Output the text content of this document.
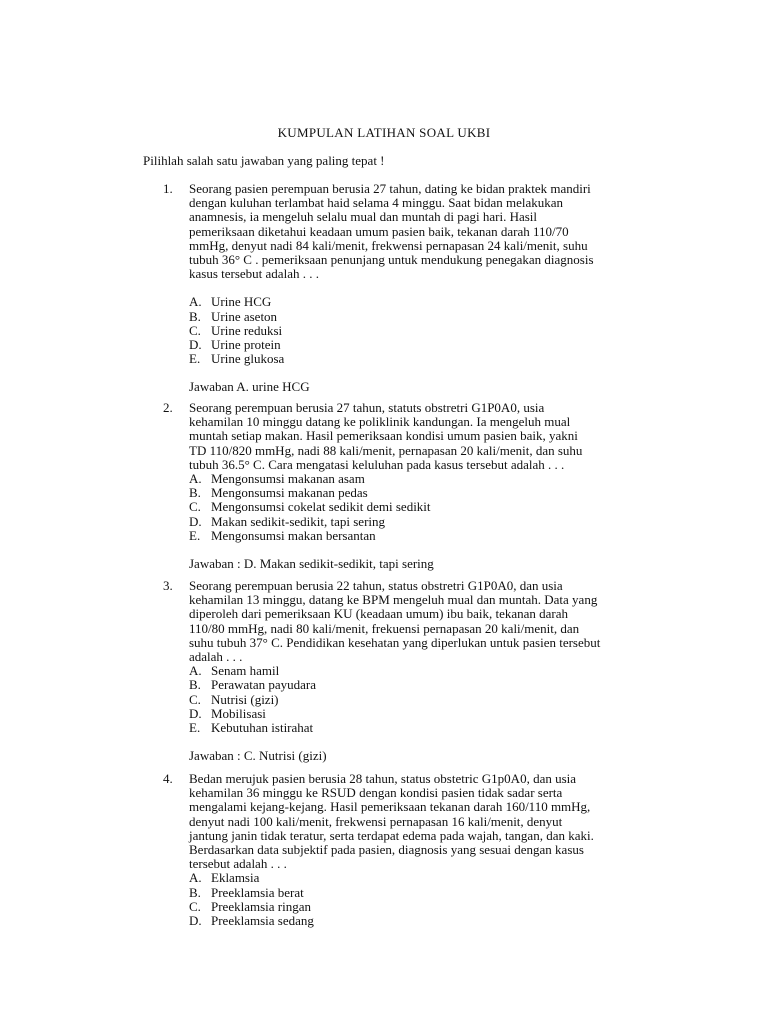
KUMPULAN LATIHAN SOAL UKBI
Pilihlah salah satu jawaban yang paling tepat !
1. Seorang pasien perempuan berusia 27 tahun, dating ke bidan praktek mandiri
dengan kuluhan terlambat haid selama 4 minggu. Saat bidan melakukan
anamnesis, ia mengeluh selalu mual dan muntah di pagi hari. Hasil
pemeriksaan diketahui keadaan umum pasien baik, tekanan darah 110/70
mmHg, denyut nadi 84 kali/menit, frekwensi pernapasan 24 kali/menit, suhu
tubuh 36° C . pemeriksaan penunjang untuk mendukung penegakan diagnosis
kasus tersebut adalah . . .
A. Urine HCG
B. Urine aseton
C. Urine reduksi
D. Urine protein
E. Urine glukosa
Jawaban A. urine HCG
2. Seorang perempuan berusia 27 tahun, statuts obstretri G1P0A0, usia
kehamilan 10 minggu datang ke poliklinik kandungan. Ia mengeluh mual
muntah setiap makan. Hasil pemeriksaan kondisi umum pasien baik, yakni
TD 110/820 mmHg, nadi 88 kali/menit, pernapasan 20 kali/menit, dan suhu
tubuh 36.5° C. Cara mengatasi keluluhan pada kasus tersebut adalah . . .
A. Mengonsumsi makanan asam
B. Mengonsumsi makanan pedas
C. Mengonsumsi cokelat sedikit demi sedikit
D. Makan sedikit-sedikit, tapi sering
E. Mengonsumsi makan bersantan
Jawaban : D. Makan sedikit-sedikit, tapi sering
3. Seorang perempuan berusia 22 tahun, status obstretri G1P0A0, dan usia
kehamilan 13 minggu, datang ke BPM mengeluh mual dan muntah. Data yang
diperoleh dari pemeriksaan KU (keadaan umum) ibu baik, tekanan darah
110/80 mmHg, nadi 80 kali/menit, frekuensi pernapasan 20 kali/menit, dan
suhu tubuh 37° C. Pendidikan kesehatan yang diperlukan untuk pasien tersebut
adalah . . .
A. Senam hamil
B. Perawatan payudara
C. Nutrisi (gizi)
D. Mobilisasi
E. Kebutuhan istirahat
Jawaban : C. Nutrisi (gizi)
4. Bedan merujuk pasien berusia 28 tahun, status obstetric G1p0A0, dan usia
kehamilan 36 minggu ke RSUD dengan kondisi pasien tidak sadar serta
mengalami kejang-kejang. Hasil pemeriksaan tekanan darah 160/110 mmHg,
denyut nadi 100 kali/menit, frekwensi pernapasan 16 kali/menit, denyut
jantung janin tidak teratur, serta terdapat edema pada wajah, tangan, dan kaki.
Berdasarkan data subjektif pada pasien, diagnosis yang sesuai dengan kasus
tersebut adalah . . .
A. Eklamsia
B. Preeklamsia berat
C. Preeklamsia ringan
D. Preeklamsia sedang
